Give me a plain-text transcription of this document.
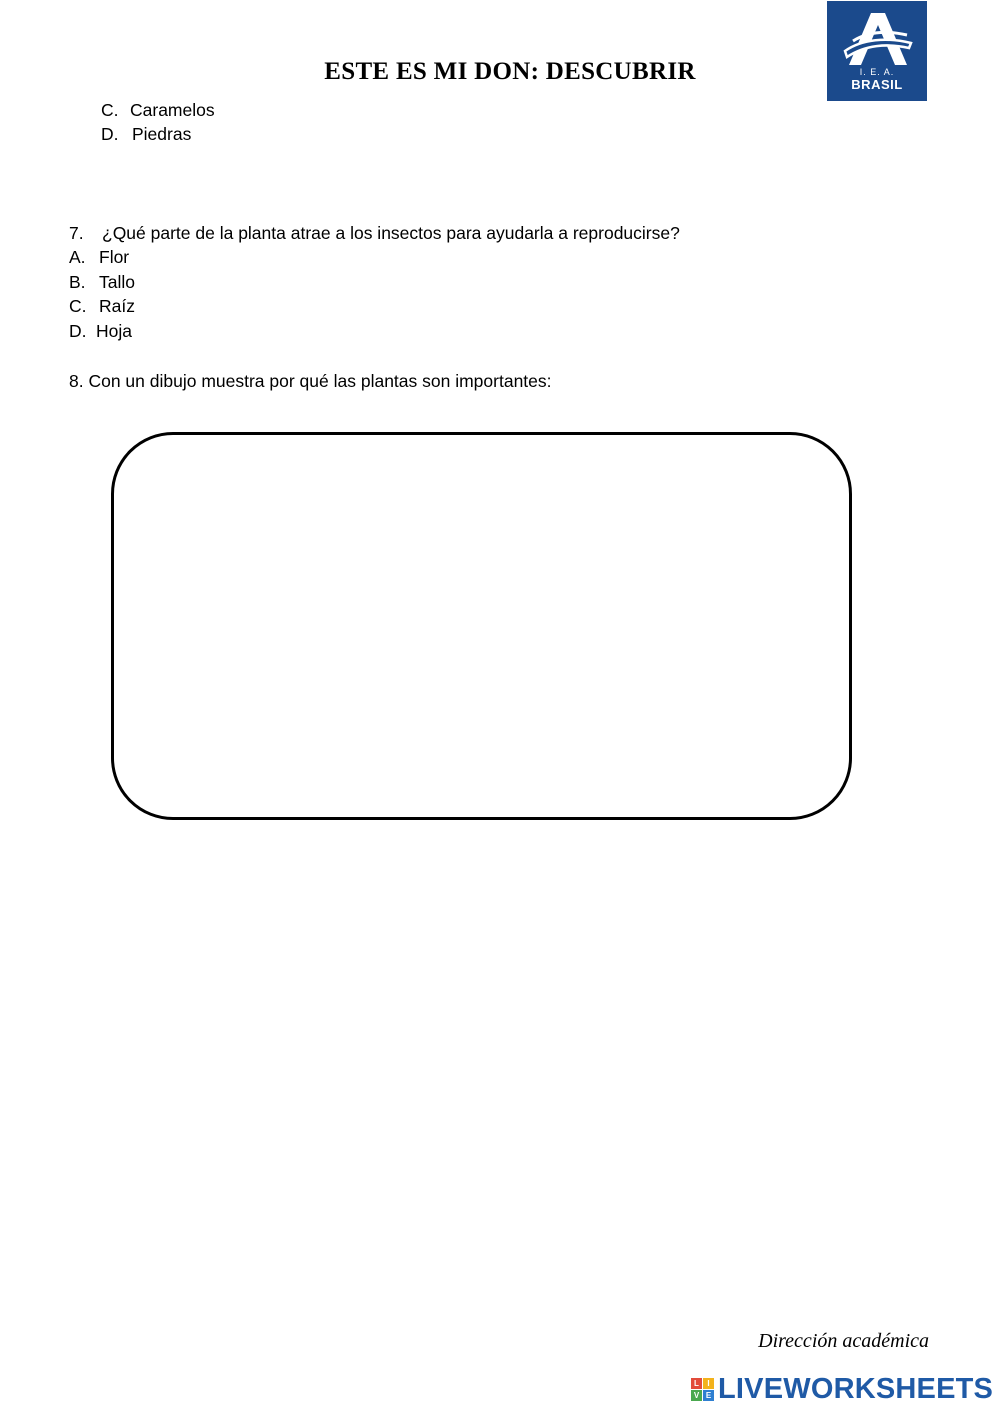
ESTE ES MI DON: DESCUBRIR	I. E. A.
BRASIL
C. Caramelos
D. Piedras
7. ¿Qué parte de la planta atrae a los insectos para ayudarla a reproducirse?
A. Flor
B. Tallo
C. Raíz
D. Hoja
8. Con un dibujo muestra por qué las plantas son importantes:
Dirección académica
L	I
V E LIVEWORKSHEETS
